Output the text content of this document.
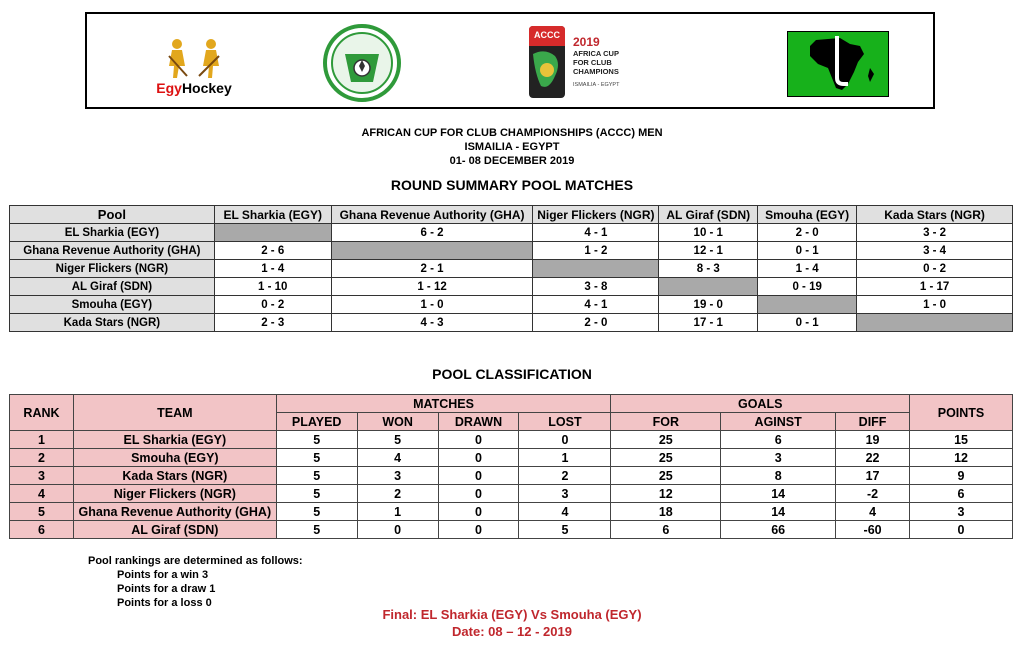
EgyHockey
ACCC 2019
AFRICA CUP
FOR CLUB
CHAMPIONS
ISMAILIA - EGYPT
AFRICAN CUP FOR CLUB CHAMPIONSHIPS (ACCC) MEN
ISMAILIA - EGYPT
01- 08 DECEMBER 2019
ROUND SUMMARY POOL MATCHES
Pool	EL Sharkia (EGY)	Ghana Revenue Authority (GHA)	Niger Flickers (NGR)	AL Giraf (SDN)	Smouha (EGY)	Kada Stars (NGR)
EL Sharkia (EGY)		6 - 2	4 - 1	10 - 1	2 - 0	3 - 2
Ghana Revenue Authority (GHA)	2 - 6		1 - 2	12 - 1	0 - 1	3 - 4
Niger Flickers (NGR)	1 - 4	2 - 1		8 - 3	1 - 4	0 - 2
AL Giraf (SDN)	1 - 10	1 - 12	3 - 8		0 - 19	1 - 17
Smouha (EGY)	0 - 2	1 - 0	4 - 1	19 - 0		1 - 0
Kada Stars (NGR)	2 - 3	4 - 3	2 - 0	17 - 1	0 - 1	
POOL CLASSIFICATION
RANK	TEAM	MATCHES				GOALS			POINTS
		PLAYED	WON	DRAWN	LOST	FOR	AGINST	DIFF	
1	EL Sharkia (EGY)	5	5	0	0	25	6	19	15
2	Smouha (EGY)	5	4	0	1	25	3	22	12
3	Kada Stars (NGR)	5	3	0	2	25	8	17	9
4	Niger Flickers (NGR)	5	2	0	3	12	14	-2	6
5	Ghana Revenue Authority (GHA)	5	1	0	4	18	14	4	3
6	AL Giraf (SDN)	5	0	0	5	6	66	-60	0
Pool rankings are determined as follows:
Points for a win 3
Points for a draw 1
Points for a loss 0
Final: EL Sharkia (EGY) Vs Smouha (EGY)
Date: 08 – 12 - 2019
